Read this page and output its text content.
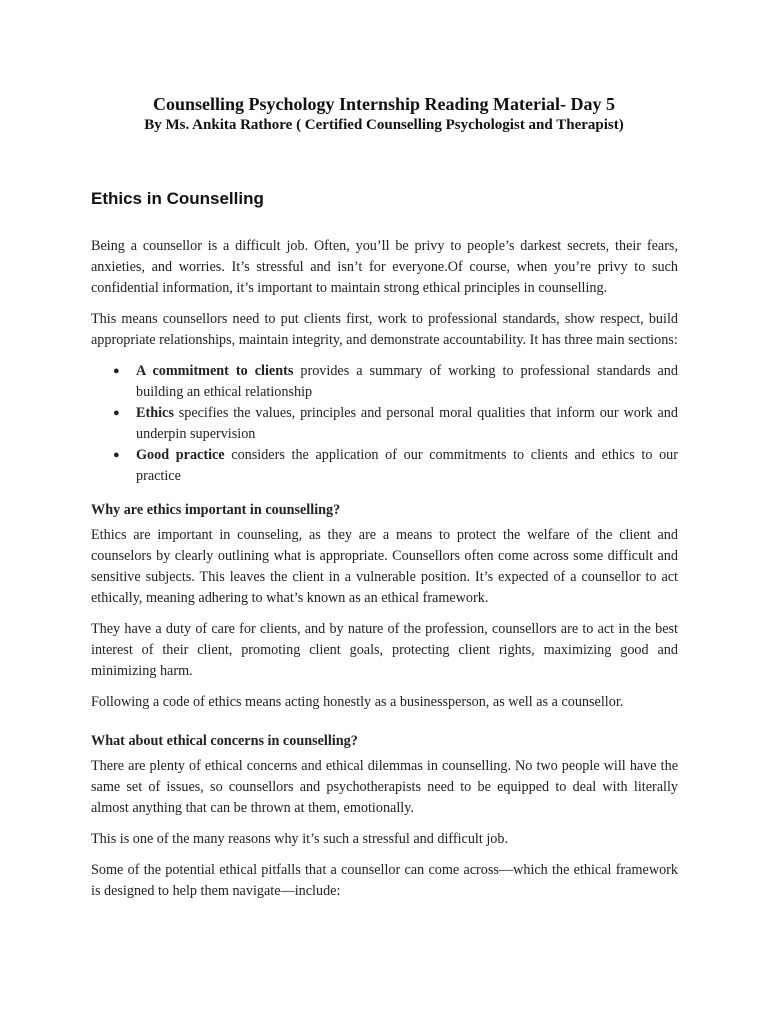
Counselling Psychology Internship Reading Material- Day 5
By Ms. Ankita Rathore ( Certified Counselling Psychologist and Therapist)
Ethics in Counselling

Being a counsellor is a difficult job. Often, you’ll be privy to people’s darkest secrets, their fears, anxieties, and worries. It’s stressful and isn’t for everyone.Of course, when you’re privy to such confidential information, it’s important to maintain strong ethical principles in counselling.

This means counsellors need to put clients first, work to professional standards, show respect, build appropriate relationships, maintain integrity, and demonstrate accountability. It has three main sections:

● A commitment to clients provides a summary of working to professional standards and building an ethical relationship
● Ethics specifies the values, principles and personal moral qualities that inform our work and underpin supervision
● Good practice considers the application of our commitments to clients and ethics to our practice
Why are ethics important in counselling?

Ethics are important in counseling, as they are a means to protect the welfare of the client and counselors by clearly outlining what is appropriate. Counsellors often come across some difficult and sensitive subjects. This leaves the client in a vulnerable position. It’s expected of a counsellor to act ethically, meaning adhering to what’s known as an ethical framework.

They have a duty of care for clients, and by nature of the profession, counsellors are to act in the best interest of their client, promoting client goals, protecting client rights, maximizing good and minimizing harm.

Following a code of ethics means acting honestly as a businessperson, as well as a counsellor.

What about ethical concerns in counselling?

There are plenty of ethical concerns and ethical dilemmas in counselling. No two people will have the same set of issues, so counsellors and psychotherapists need to be equipped to deal with literally almost anything that can be thrown at them, emotionally.

This is one of the many reasons why it’s such a stressful and difficult job.

Some of the potential ethical pitfalls that a counsellor can come across—which the ethical framework is designed to help them navigate—include:
